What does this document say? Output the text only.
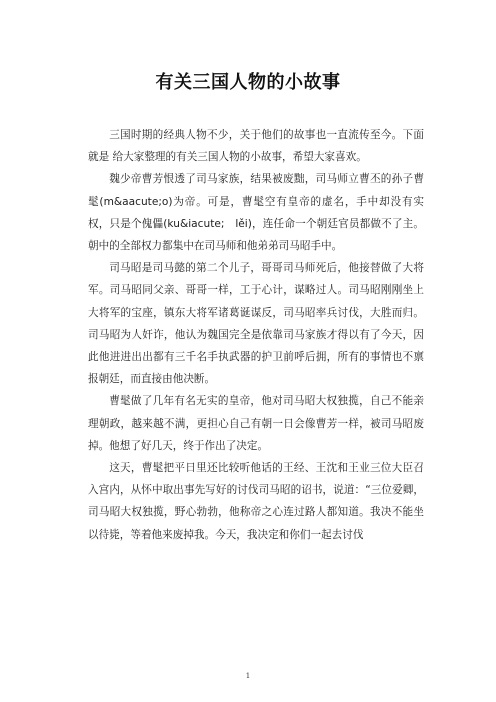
有关三国人物的小故事

三国时期的经典人物不少，关于他们的故事也一直流传至今。下面就是 给大家整理的有关三国人物的小故事，希望大家喜欢。

魏少帝曹芳恨透了司马家族，结果被废黜，司马师立曹丕的孙子曹髦(m&aacute;o)为帝。可是，曹髦空有皇帝的虚名，手中却没有实权，只是个傀儡(ku&iacute;　lěi)，连任命一个朝廷官员都做不了主。朝中的全部权力都集中在司马师和他弟弟司马昭手中。

司马昭是司马懿的第二个儿子，哥哥司马师死后，他接替做了大将军。司马昭同父亲、哥哥一样，工于心计，谋略过人。司马昭刚刚坐上大将军的宝座，镇东大将军诸葛诞谋反，司马昭率兵讨伐，大胜而归。司马昭为人奸诈，他认为魏国完全是依靠司马家族才得以有了今天，因此他进进出出都有三千名手执武器的护卫前呼后拥，所有的事情也不禀报朝廷，而直接由他决断。

曹髦做了几年有名无实的皇帝，他对司马昭大权独揽，自己不能亲理朝政，越来越不满，更担心自己有朝一日会像曹芳一样，被司马昭废掉。他想了好几天，终于作出了决定。

这天，曹髦把平日里还比较听他话的王经、王沈和王业三位大臣召入宫内，从怀中取出事先写好的讨伐司马昭的诏书，说道：“三位爱卿，司马昭大权独揽，野心勃勃，他称帝之心连过路人都知道。我决不能坐以待毙，等着他来废掉我。今天，我决定和你们一起去讨伐

1
